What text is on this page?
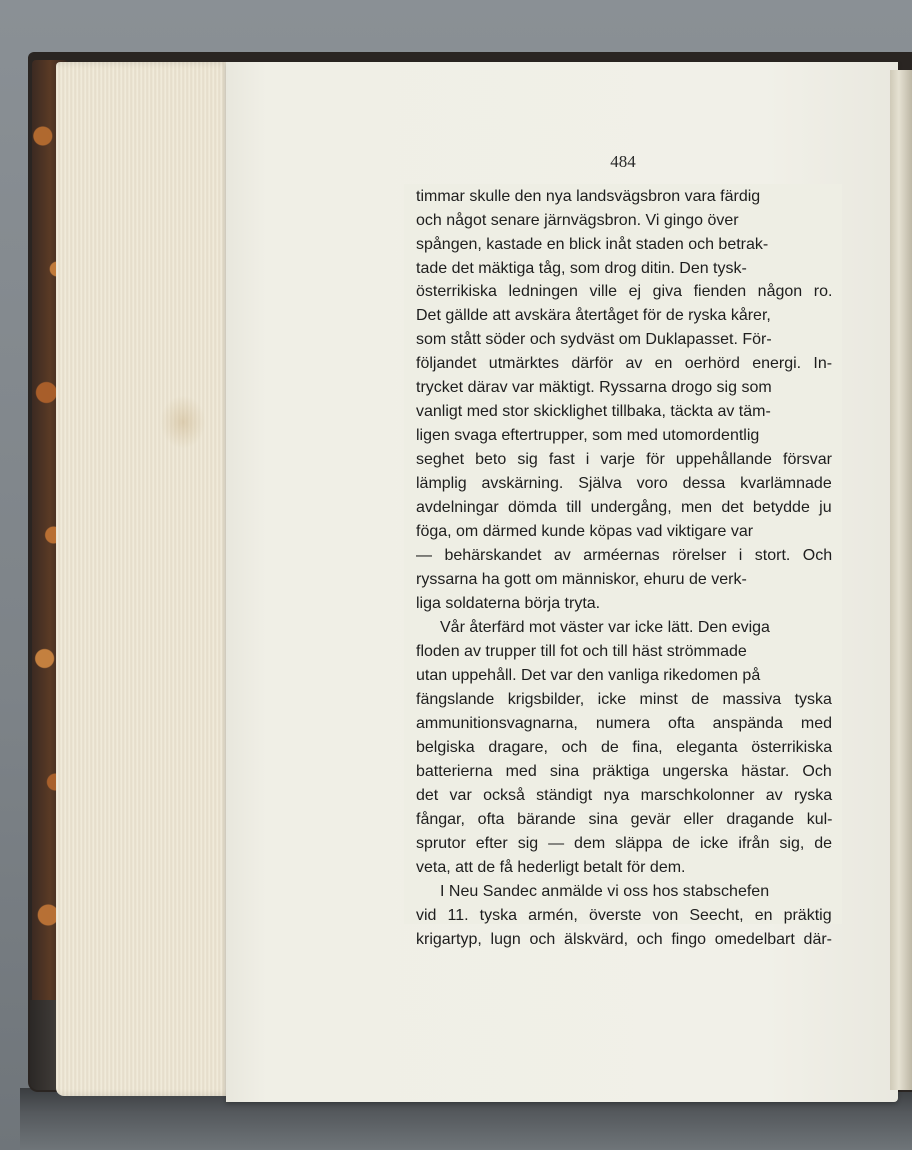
484

timmar skulle den nya landsvägsbron vara färdig

och något senare järnvägsbron. Vi gingo över

spången, kastade en blick inåt staden och betrak-

tade det mäktiga tåg, som drog ditin. Den tysk-

österrikiska ledningen ville ej giva fienden någon ro.

Det gällde att avskära återtåget för de ryska kårer,

som stått söder och sydväst om Duklapasset. För-

följandet utmärktes därför av en oerhörd energi. In-

trycket därav var mäktigt. Ryssarna drogo sig som

vanligt med stor skicklighet tillbaka, täckta av täm-

ligen svaga eftertrupper, som med utomordentlig

seghet beto sig fast i varje för uppehållande försvar

lämplig avskärning. Själva voro dessa kvarlämnade

avdelningar dömda till undergång, men det betydde ju

föga, om därmed kunde köpas vad viktigare var

— behärskandet av arméernas rörelser i stort. Och

ryssarna ha gott om människor, ehuru de verk-

liga soldaterna börja tryta.

Vår återfärd mot väster var icke lätt. Den eviga

floden av trupper till fot och till häst strömmade

utan uppehåll. Det var den vanliga rikedomen på

fängslande krigsbilder, icke minst de massiva tyska

ammunitionsvagnarna, numera ofta anspända med

belgiska dragare, och de fina, eleganta österrikiska

batterierna med sina präktiga ungerska hästar. Och

det var också ständigt nya marschkolonner av ryska

fångar, ofta bärande sina gevär eller dragande kul-

sprutor efter sig — dem släppa de icke ifrån sig, de

veta, att de få hederligt betalt för dem.

I Neu Sandec anmälde vi oss hos stabschefen

vid 11. tyska armén, överste von Seecht, en präktig

krigartyp, lugn och älskvärd, och fingo omedelbart där-
